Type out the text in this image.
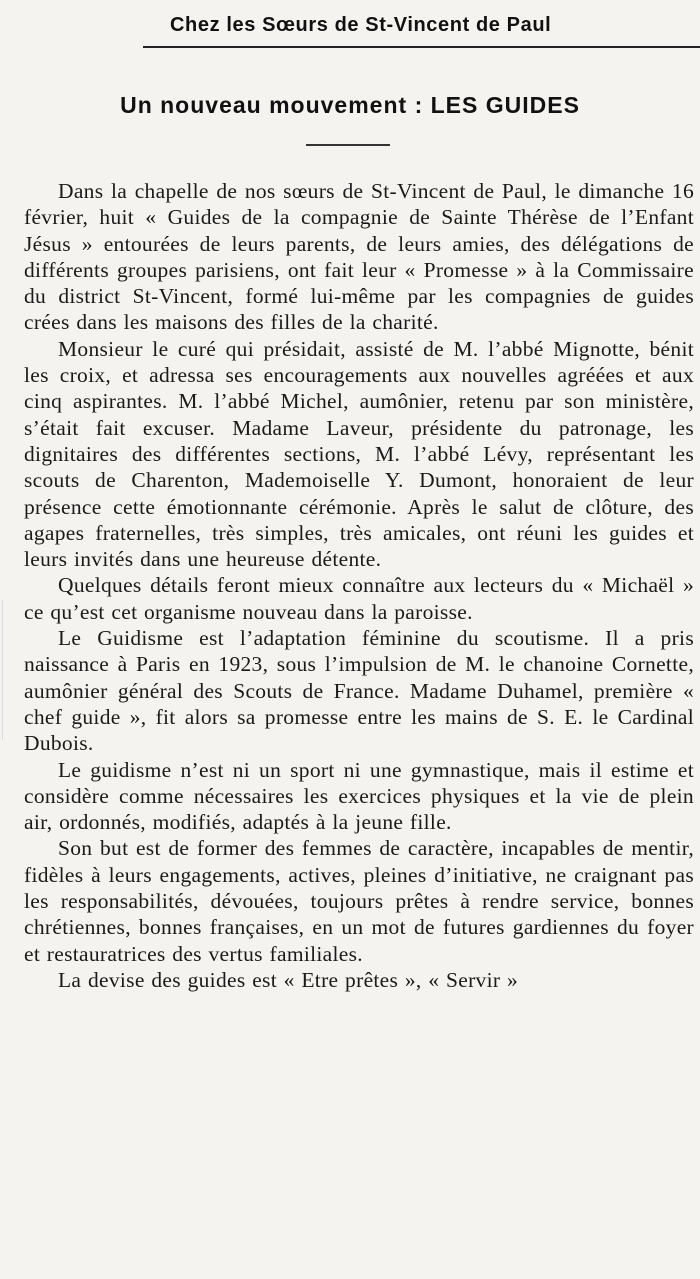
Chez les Sœurs de St-Vincent de Paul
Un nouveau mouvement : LES GUIDES

Dans la chapelle de nos sœurs de St-Vincent de Paul, le dimanche 16 février, huit « Guides de la compagnie de Sainte Thérèse de l’Enfant Jésus » entourées de leurs parents, de leurs amies, des délégations de différents groupes parisiens, ont fait leur « Promesse » à la Commissaire du district St-Vincent, formé lui-même par les compagnies de guides crées dans les maisons des filles de la charité.

Monsieur le curé qui présidait, assisté de M. l’abbé Mignotte, bénit les croix, et adressa ses encouragements aux nouvelles agréées et aux cinq aspirantes. M. l’abbé Michel, aumônier, retenu par son ministère, s’était fait excuser. Madame Laveur, présidente du patronage, les dignitaires des différentes sections, M. l’abbé Lévy, représentant les scouts de Charenton, Mademoiselle Y. Dumont, honoraient de leur présence cette émotionnante cérémonie. Après le salut de clôture, des agapes fraternelles, très simples, très amicales, ont réuni les guides et leurs invités dans une heureuse détente.

Quelques détails feront mieux connaître aux lecteurs du « Michaël » ce qu’est cet organisme nouveau dans la paroisse.

Le Guidisme est l’adaptation féminine du scoutisme. Il a pris naissance à Paris en 1923, sous l’impulsion de M. le chanoine Cornette, aumônier général des Scouts de France. Madame Duhamel, première « chef guide », fit alors sa promesse entre les mains de S. E. le Cardinal Dubois.

Le guidisme n’est ni un sport ni une gymnastique, mais il estime et considère comme nécessaires les exercices physiques et la vie de plein air, ordonnés, modifiés, adaptés à la jeune fille.

Son but est de former des femmes de caractère, incapables de mentir, fidèles à leurs engagements, actives, pleines d’initiative, ne craignant pas les responsabilités, dévouées, toujours prêtes à rendre service, bonnes chrétiennes, bonnes françaises, en un mot de futures gardiennes du foyer et restauratrices des vertus familiales.

La devise des guides est « Etre prêtes », « Servir »
